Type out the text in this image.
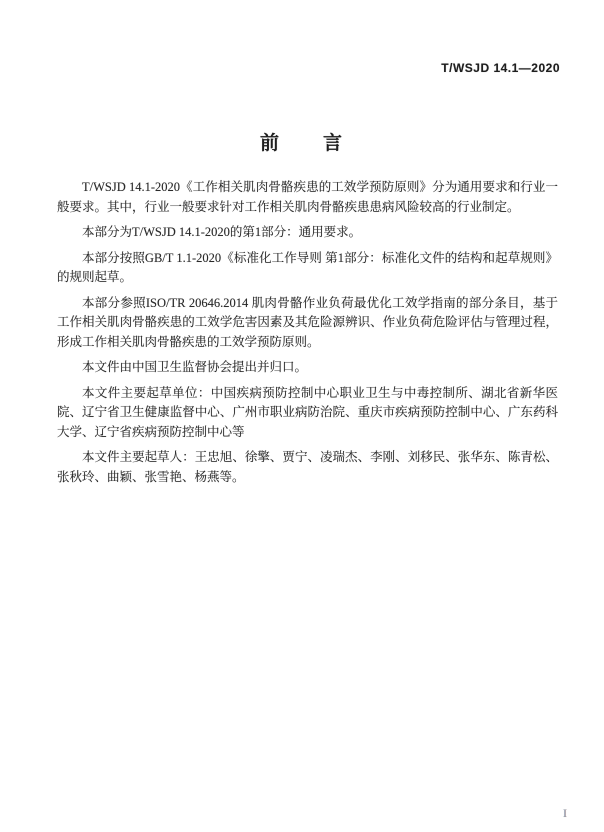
T/WSJD 14.1—2020
前　　言

T/WSJD 14.1-2020《工作相关肌肉骨骼疾患的工效学预防原则》分为通用要求和行业一般要求。其中，行业一般要求针对工作相关肌肉骨骼疾患患病风险较高的行业制定。

本部分为T/WSJD 14.1-2020的第1部分：通用要求。

本部分按照GB/T 1.1-2020《标准化工作导则 第1部分：标准化文件的结构和起草规则》的规则起草。

本部分参照ISO/TR 20646.2014 肌肉骨骼作业负荷最优化工效学指南的部分条目，基于工作相关肌肉骨骼疾患的工效学危害因素及其危险源辨识、作业负荷危险评估与管理过程，形成工作相关肌肉骨骼疾患的工效学预防原则。

本文件由中国卫生监督协会提出并归口。

本文件主要起草单位：中国疾病预防控制中心职业卫生与中毒控制所、湖北省新华医院、辽宁省卫生健康监督中心、广州市职业病防治院、重庆市疾病预防控制中心、广东药科大学、辽宁省疾病预防控制中心等

本文件主要起草人：王忠旭、徐擎、贾宁、凌瑞杰、李刚、刘移民、张华东、陈青松、张秋玲、曲颖、张雪艳、杨燕等。

I
